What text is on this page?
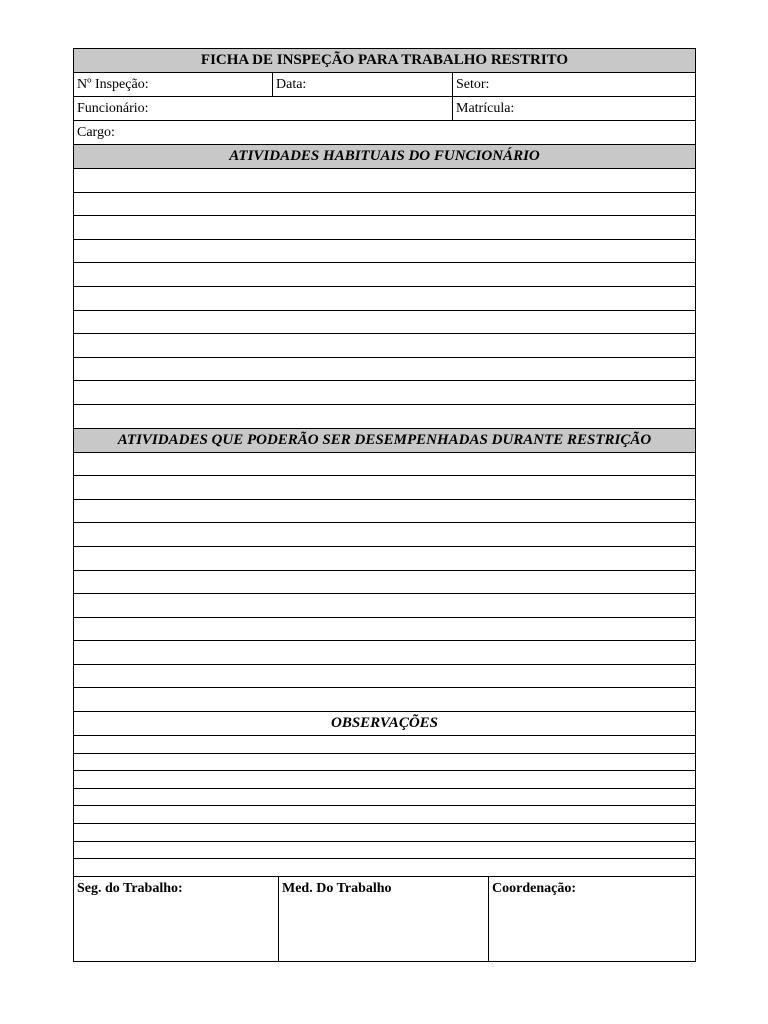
FICHA DE INSPEÇÃO PARA TRABALHO RESTRITO
Nº Inspeção:	Data:	Setor:
Funcionário:	Matrícula:
Cargo:
ATIVIDADES HABITUAIS DO FUNCIONÁRIO
ATIVIDADES QUE PODERÃO SER DESEMPENHADAS DURANTE RESTRIÇÃO
OBSERVAÇÕES
Seg. do Trabalho:	Med. Do Trabalho	Coordenação:
